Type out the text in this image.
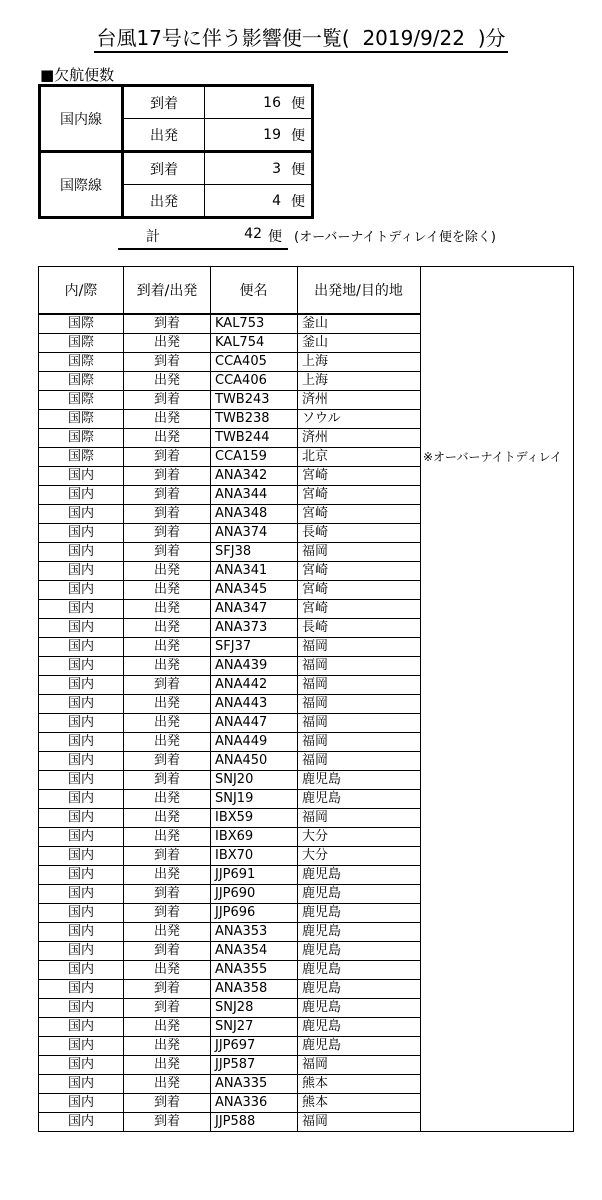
台風17号に伴う影響便一覧( 2019/9/22 )分
■欠航便数
国内線	到着	16	便
	出発	19	便
国際線	到着	3	便
	出発	4	便
計	42 便 (オーバーナイトディレイ便を除く)
内/際	到着/出発	便名	出発地/目的地	
国際	到着	KAL753	釜山	
国際	出発	KAL754	釜山	
国際	到着	CCA405	上海	
国際	出発	CCA406	上海	
国際	到着	TWB243	済州	
国際	出発	TWB238	ソウル	
国際	出発	TWB244	済州	
国際	到着	CCA159	北京	※オーバーナイトディレイ
国内	到着	ANA342	宮崎	
国内	到着	ANA344	宮崎	
国内	到着	ANA348	宮崎	
国内	到着	ANA374	長崎	
国内	到着	SFJ38	福岡	
国内	出発	ANA341	宮崎	
国内	出発	ANA345	宮崎	
国内	出発	ANA347	宮崎	
国内	出発	ANA373	長崎	
国内	出発	SFJ37	福岡	
国内	出発	ANA439	福岡	
国内	到着	ANA442	福岡	
国内	出発	ANA443	福岡	
国内	出発	ANA447	福岡	
国内	出発	ANA449	福岡	
国内	到着	ANA450	福岡	
国内	到着	SNJ20	鹿児島	
国内	出発	SNJ19	鹿児島	
国内	出発	IBX59	福岡	
国内	出発	IBX69	大分	
国内	到着	IBX70	大分	
国内	出発	JJP691	鹿児島	
国内	到着	JJP690	鹿児島	
国内	到着	JJP696	鹿児島	
国内	出発	ANA353	鹿児島	
国内	到着	ANA354	鹿児島	
国内	出発	ANA355	鹿児島	
国内	到着	ANA358	鹿児島	
国内	到着	SNJ28	鹿児島	
国内	出発	SNJ27	鹿児島	
国内	出発	JJP697	鹿児島	
国内	出発	JJP587	福岡	
国内	出発	ANA335	熊本	
国内	到着	ANA336	熊本	
国内	到着	JJP588	福岡	
